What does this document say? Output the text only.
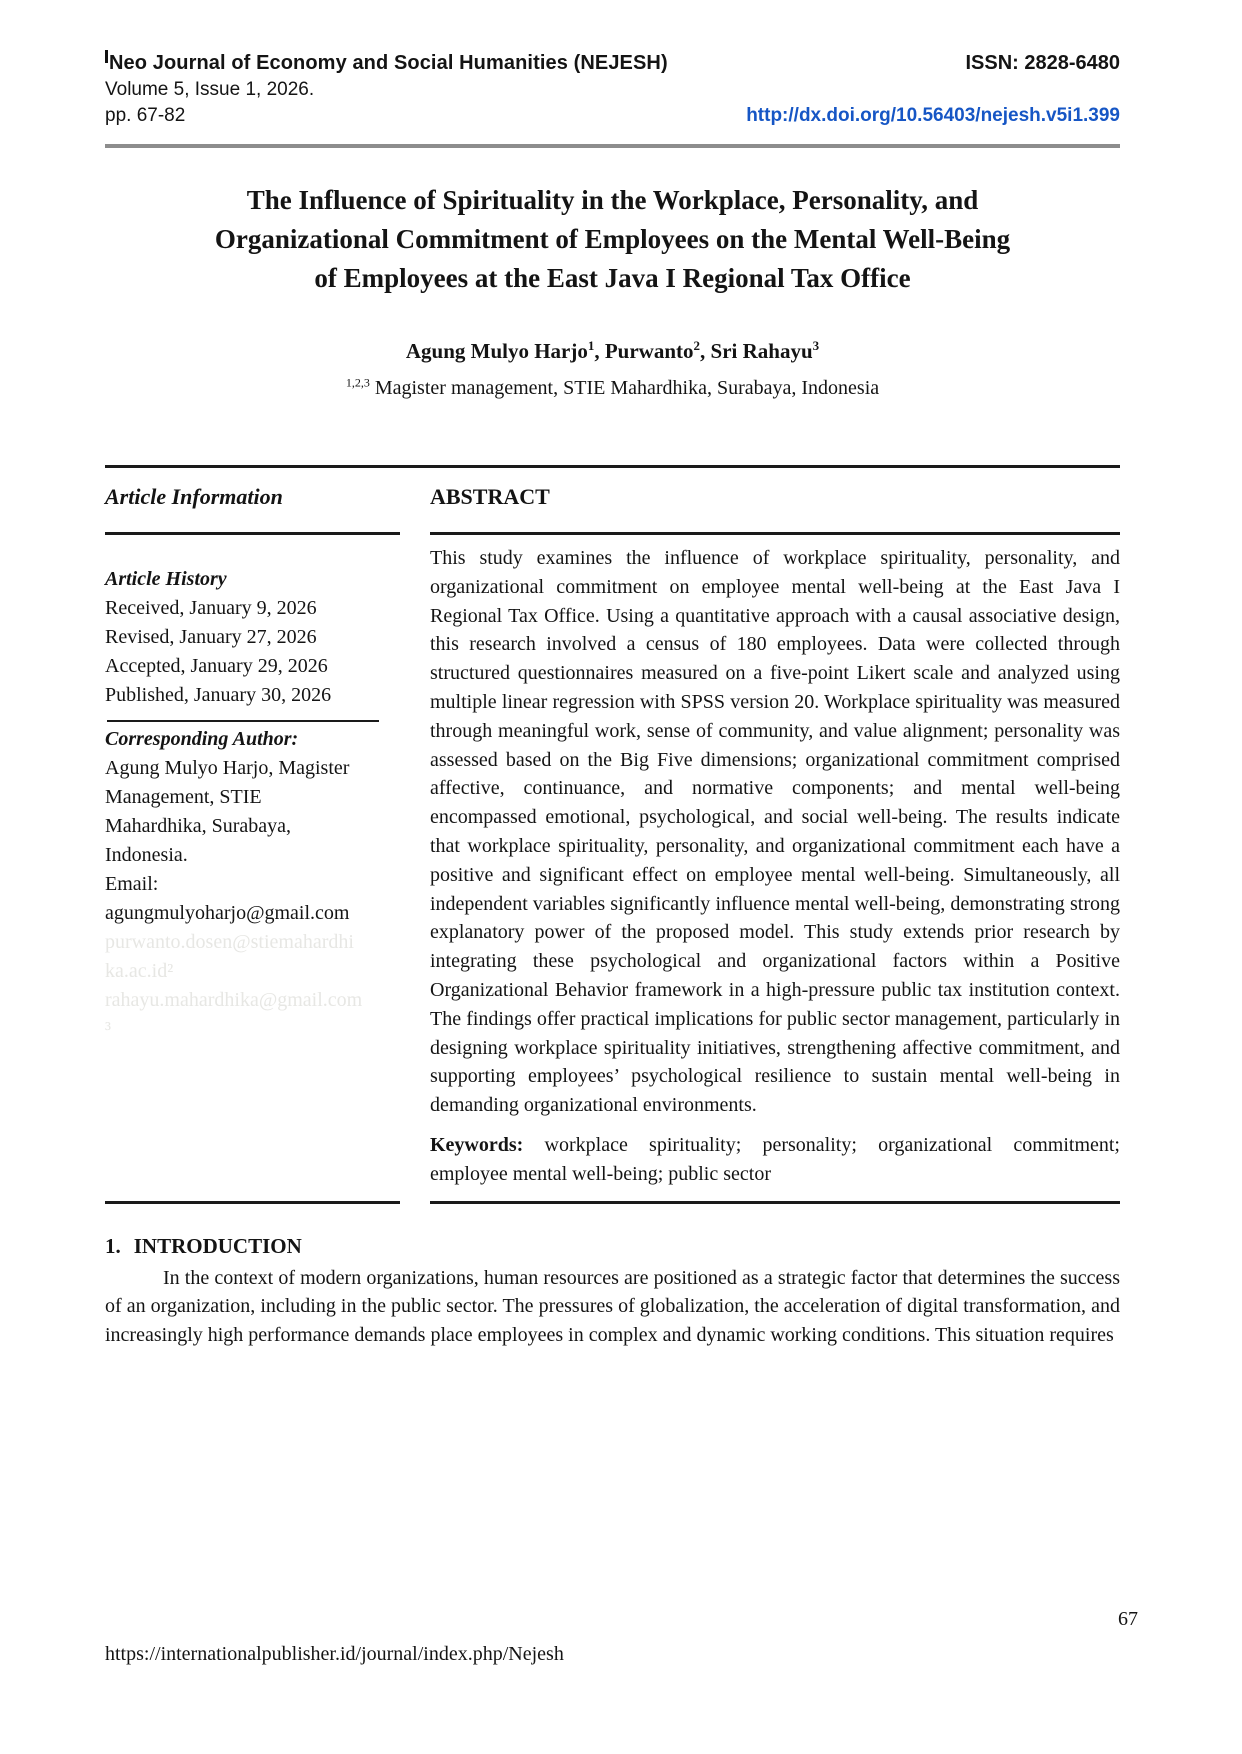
Neo Journal of Economy and Social Humanities (NEJESH)	ISSN: 2828-6480
Volume 5, Issue 1, 2026.
pp. 67-82	http://dx.doi.org/10.56403/nejesh.v5i1.399
The Influence of Spirituality in the Workplace, Personality, and
Organizational Commitment of Employees on the Mental Well-Being
of Employees at the East Java I Regional Tax Office
Agung Mulyo Harjo$^1$, Purwanto$^2$, Sri Rahayu$^3$
$^{1,2,3}$ Magister management, STIE Mahardhika, Surabaya, Indonesia
Article Information
Article History
Received, January 9, 2026
Revised, January 27, 2026
Accepted, January 29, 2026
Published, January 30, 2026
Corresponding Author:
Agung Mulyo Harjo, Magister
Management, STIE
Mahardhika, Surabaya,
Indonesia.
Email:
agungmulyoharjo@gmail.com
purwanto.dosen@stiemahardhi
ka.ac.id²
rahayu.mahardhika@gmail.com
³
ABSTRACT

This study examines the influence of workplace spirituality, personality, and organizational commitment on employee mental well-being at the East Java I Regional Tax Office. Using a quantitative approach with a causal associative design, this research involved a census of 180 employees. Data were collected through structured questionnaires measured on a five-point Likert scale and analyzed using multiple linear regression with SPSS version 20. Workplace spirituality was measured through meaningful work, sense of community, and value alignment; personality was assessed based on the Big Five dimensions; organizational commitment comprised affective, continuance, and normative components; and mental well-being encompassed emotional, psychological, and social well-being. The results indicate that workplace spirituality, personality, and organizational commitment each have a positive and significant effect on employee mental well-being. Simultaneously, all independent variables significantly influence mental well-being, demonstrating strong explanatory power of the proposed model. This study extends prior research by integrating these psychological and organizational factors within a Positive Organizational Behavior framework in a high-pressure public tax institution context. The findings offer practical implications for public sector management, particularly in designing workplace spirituality initiatives, strengthening affective commitment, and supporting employees’ psychological resilience to sustain mental well-being in demanding organizational environments.

Keywords: workplace spirituality; personality; organizational commitment; employee mental well-being; public sector

1. INTRODUCTION

In the context of modern organizations, human resources are positioned as a strategic factor that determines the success of an organization, including in the public sector. The pressures of globalization, the acceleration of digital transformation, and increasingly high performance demands place employees in complex and dynamic working conditions. This situation requires

67
https://internationalpublisher.id/journal/index.php/Nejesh
